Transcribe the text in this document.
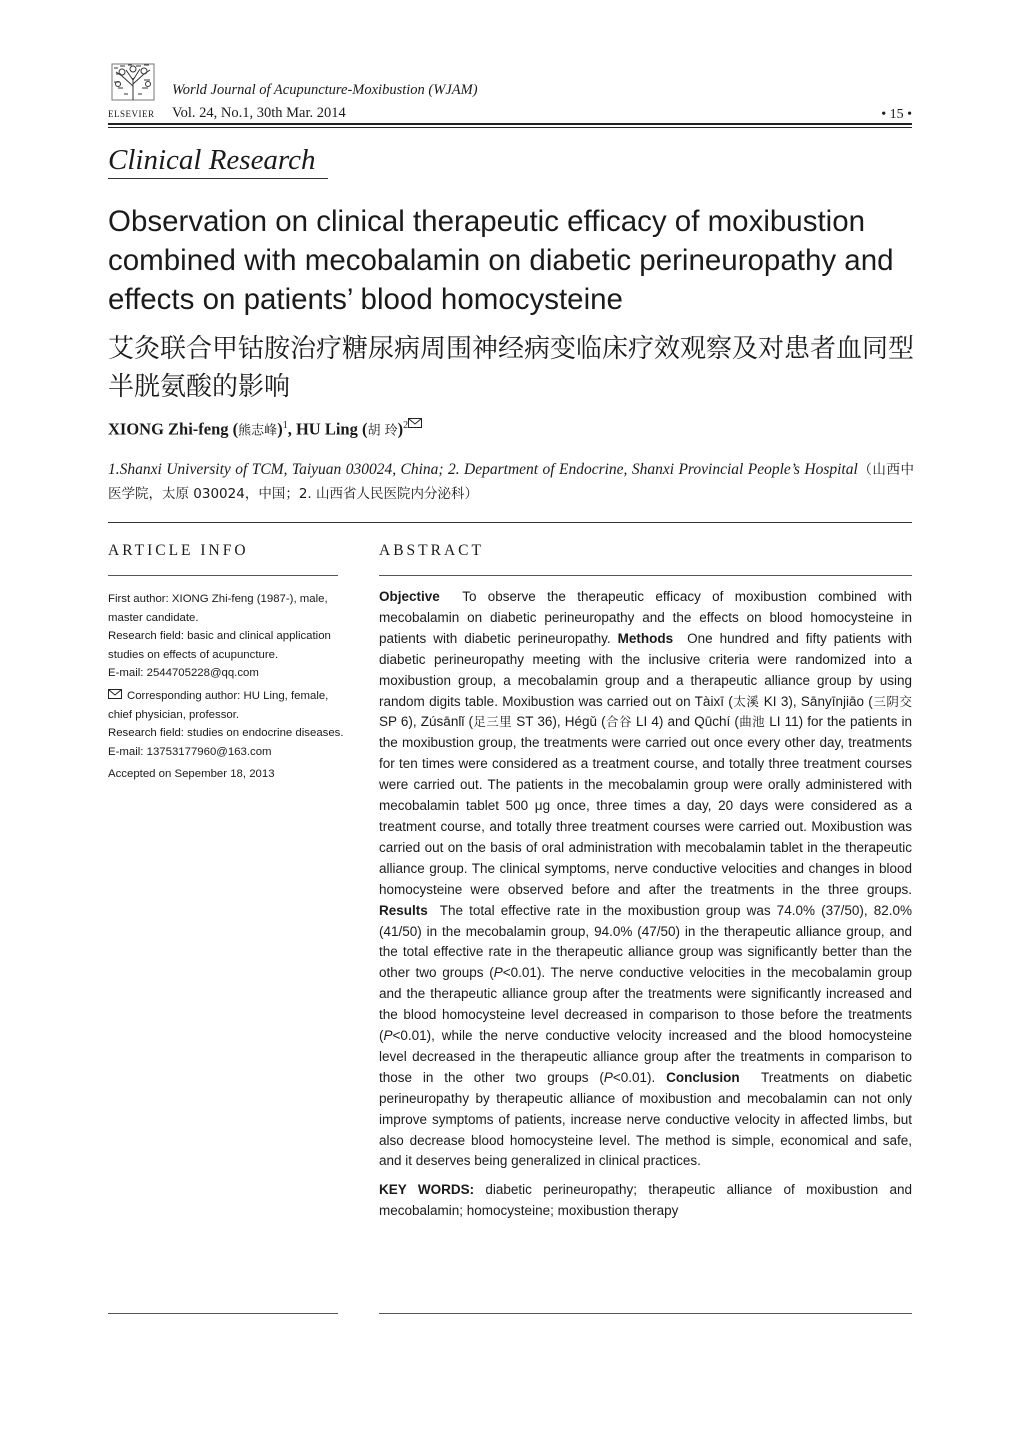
ELSEVIER
World Journal of Acupuncture-Moxibustion (WJAM)
Vol. 24, No.1, 30th Mar. 2014	• 15 •
Clinical Research
Observation on clinical therapeutic efficacy of moxibustion combined with mecobalamin on diabetic perineuropathy and effects on patients’ blood homocysteine
艾灸联合甲钴胺治疗糖尿病周围神经病变临床疗效观察及对患者血同型半胱氨酸的影响
XIONG Zhi-feng (熊志峰)$^1$, HU Ling (胡 玲)$^2$
1.Shanxi University of TCM, Taiyuan 030024, China; 2. Department of Endocrine, Shanxi Provincial People’s Hospital（山西中医学院，太原 030024，中国；2. 山西省人民医院内分泌科）
ARTICLE INFO	ABSTRACT

First author: XIONG Zhi-feng (1987-), male, master candidate.

Research field: basic and clinical application studies on effects of acupuncture.

E-mail: 2544705228@qq.com

Corresponding author: HU Ling, female, chief physician, professor.

Research field: studies on endocrine diseases.

E-mail: 13753177960@163.com

Accepted on Sepember 18, 2013

Objective To observe the therapeutic efficacy of moxibustion combined with mecobalamin on diabetic perineuropathy and the effects on blood homocysteine in patients with diabetic perineuropathy. Methods One hundred and fifty patients with diabetic perineuropathy meeting with the inclusive criteria were randomized into a moxibustion group, a mecobalamin group and a therapeutic alliance group by using random digits table. Moxibustion was carried out on Tàixī (太溪 KI 3), Sānyīnjiāo (三阴交 SP 6), Zúsānlǐ (足三里 ST 36), Hégǔ (合谷 LI 4) and Qūchí (曲池 LI 11) for the patients in the moxibustion group, the treatments were carried out once every other day, treatments for ten times were considered as a treatment course, and totally three treatment courses were carried out. The patients in the mecobalamin group were orally administered with mecobalamin tablet 500 μg once, three times a day, 20 days were considered as a treatment course, and totally three treatment courses were carried out. Moxibustion was carried out on the basis of oral administration with mecobalamin tablet in the therapeutic alliance group. The clinical symptoms, nerve conductive velocities and changes in blood homocysteine were observed before and after the treatments in the three groups. Results The total effective rate in the moxibustion group was 74.0% (37/50), 82.0% (41/50) in the mecobalamin group, 94.0% (47/50) in the therapeutic alliance group, and the total effective rate in the therapeutic alliance group was significantly better than the other two groups (P<0.01). The nerve conductive velocities in the mecobalamin group and the therapeutic alliance group after the treatments were significantly increased and the blood homocysteine level decreased in comparison to those before the treatments (P<0.01), while the nerve conductive velocity increased and the blood homocysteine level decreased in the therapeutic alliance group after the treatments in comparison to those in the other two groups (P<0.01). Conclusion Treatments on diabetic perineuropathy by therapeutic alliance of moxibustion and mecobalamin can not only improve symptoms of patients, increase nerve conductive velocity in affected limbs, but also decrease blood homocysteine level. The method is simple, economical and safe, and it deserves being generalized in clinical practices.

KEY WORDS: diabetic perineuropathy; therapeutic alliance of moxibustion and mecobalamin; homocysteine; moxibustion therapy
